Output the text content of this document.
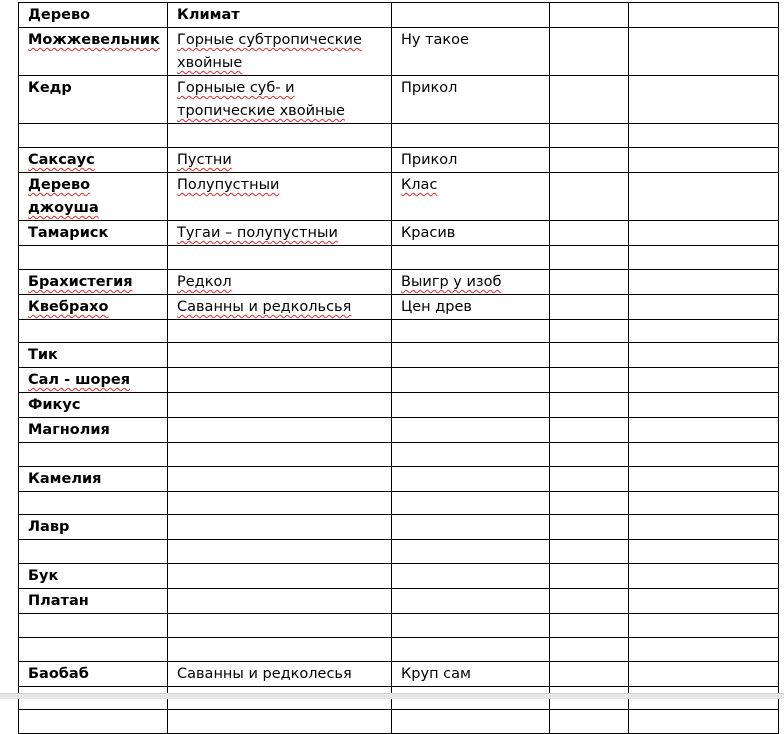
Дерево	Климат			
Можжевельник	Горные субтропические хвойные	Ну такое		
Кедр	Горныые суб- и тропические хвойные	Прикол		

Саксаус	Пустни	Прикол		
Дерево джоуша	Полупустныи	Клас		
Тамариск	Тугаи – полупустныи	Красив		

Брахистегия	Редкол	Выигр у изоб		
Квебрахо	Саванны и редкольсья	Цен древ		

Тик				
Сал - шорея				
Фикус				
Магнолия				

Камелия				

Лавр				

Бук				
Платан				

Баобаб	Саванны и редколесья	Круп сам		
